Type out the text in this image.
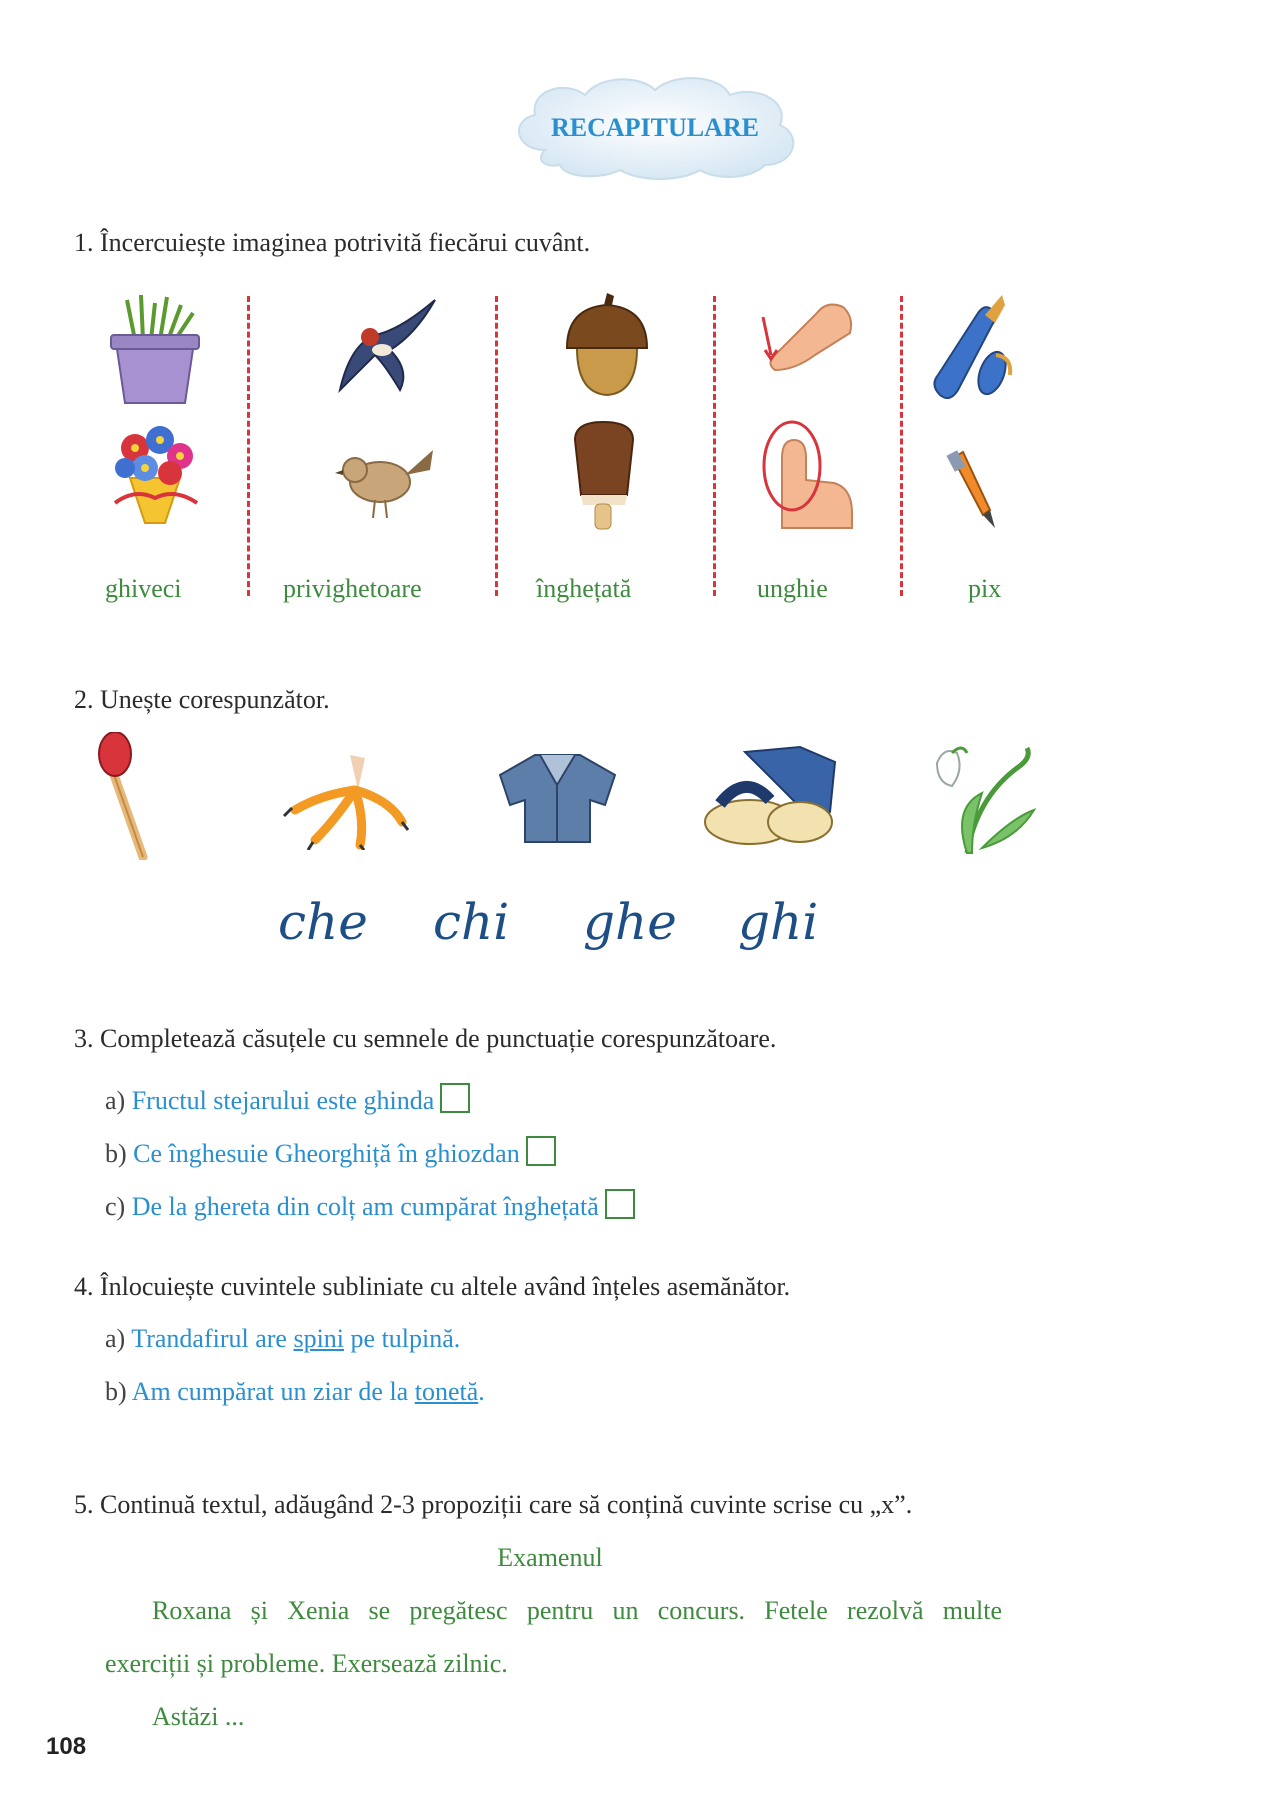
RECAPITULARE
1. Încercuiește imaginea potrivită fiecărui cuvânt.
ghiveci	privighetoare	înghețată	unghie	pix
2. Unește corespunzător.
che chi ghe ghi
3. Completează căsuțele cu semnele de punctuație corespunzătoare.
a) Fructul stejarului este ghinda
b) Ce înghesuie Gheorghiță în ghiozdan
c) De la ghereta din colț am cumpărat înghețată
4. Înlocuiește cuvintele subliniate cu altele având înțeles asemănător.
a) Trandafirul are spini pe tulpină.
b) Am cumpărat un ziar de la tonetă.
5. Continuă textul, adăugând 2-3 propoziții care să conțină cuvinte scrise cu „x”.
Examenul
Roxana și Xenia se pregătesc pentru un concurs. Fetele rezolvă multe
exerciții și probleme. Exersează zilnic.
Astăzi ...
108
